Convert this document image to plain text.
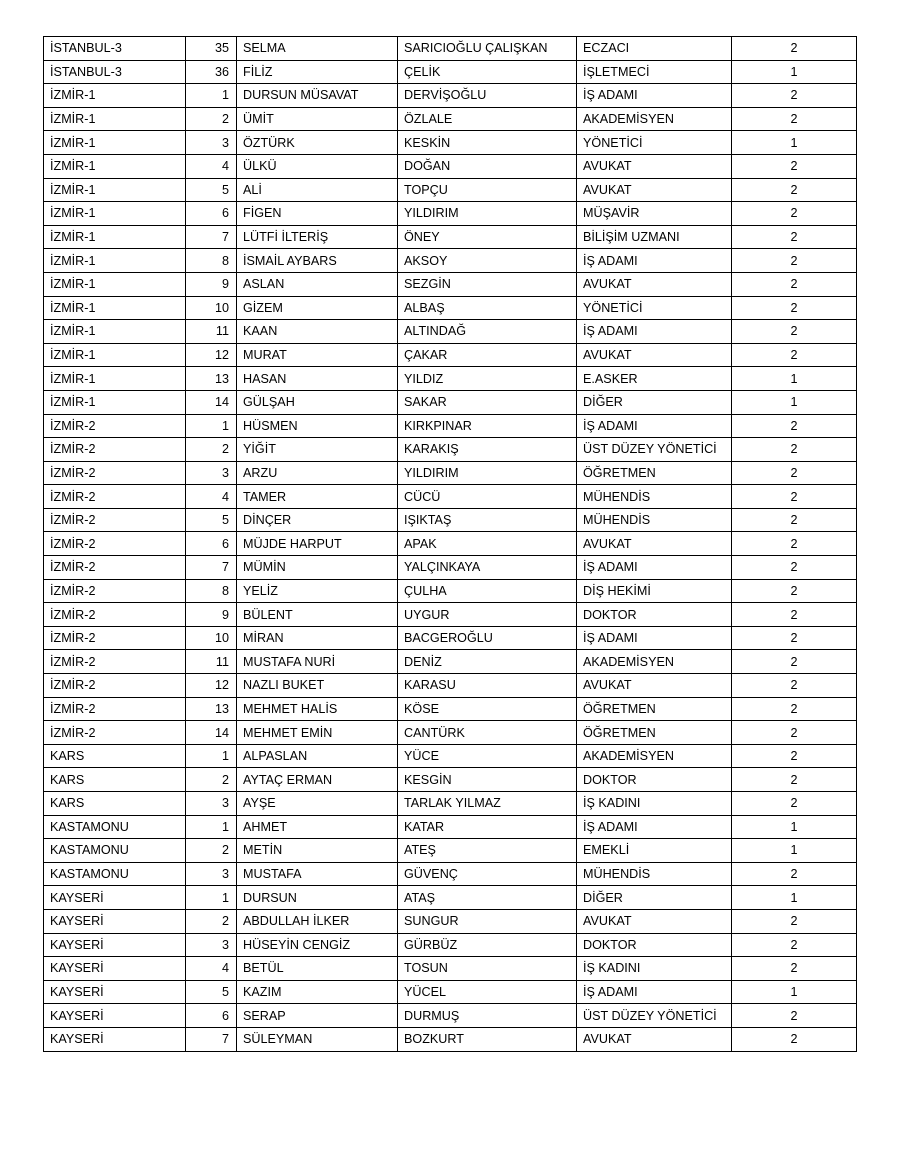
İSTANBUL-3	35	SELMA	SARICIOĞLU ÇALIŞKAN	ECZACI	2
İSTANBUL-3	36	FİLİZ	ÇELİK	İŞLETMECİ	1
İZMİR-1	1	DURSUN MÜSAVAT	DERVİŞOĞLU	İŞ ADAMI	2
İZMİR-1	2	ÜMİT	ÖZLALE	AKADEMİSYEN	2
İZMİR-1	3	ÖZTÜRK	KESKİN	YÖNETİCİ	1
İZMİR-1	4	ÜLKÜ	DOĞAN	AVUKAT	2
İZMİR-1	5	ALİ	TOPÇU	AVUKAT	2
İZMİR-1	6	FİGEN	YILDIRIM	MÜŞAVİR	2
İZMİR-1	7	LÜTFİ İLTERİŞ	ÖNEY	BİLİŞİM UZMANI	2
İZMİR-1	8	İSMAİL AYBARS	AKSOY	İŞ ADAMI	2
İZMİR-1	9	ASLAN	SEZGİN	AVUKAT	2
İZMİR-1	10	GİZEM	ALBAŞ	YÖNETİCİ	2
İZMİR-1	11	KAAN	ALTINDAĞ	İŞ ADAMI	2
İZMİR-1	12	MURAT	ÇAKAR	AVUKAT	2
İZMİR-1	13	HASAN	YILDIZ	E.ASKER	1
İZMİR-1	14	GÜLŞAH	SAKAR	DİĞER	1
İZMİR-2	1	HÜSMEN	KIRKPINAR	İŞ ADAMI	2
İZMİR-2	2	YİĞİT	KARAKIŞ	ÜST DÜZEY YÖNETİCİ	2
İZMİR-2	3	ARZU	YILDIRIM	ÖĞRETMEN	2
İZMİR-2	4	TAMER	CÜCÜ	MÜHENDİS	2
İZMİR-2	5	DİNÇER	IŞIKTAŞ	MÜHENDİS	2
İZMİR-2	6	MÜJDE HARPUT	APAK	AVUKAT	2
İZMİR-2	7	MÜMİN	YALÇINKAYA	İŞ ADAMI	2
İZMİR-2	8	YELİZ	ÇULHA	DİŞ HEKİMİ	2
İZMİR-2	9	BÜLENT	UYGUR	DOKTOR	2
İZMİR-2	10	MİRAN	BACGEROĞLU	İŞ ADAMI	2
İZMİR-2	11	MUSTAFA NURİ	DENİZ	AKADEMİSYEN	2
İZMİR-2	12	NAZLI BUKET	KARASU	AVUKAT	2
İZMİR-2	13	MEHMET HALİS	KÖSE	ÖĞRETMEN	2
İZMİR-2	14	MEHMET EMİN	CANTÜRK	ÖĞRETMEN	2
KARS	1	ALPASLAN	YÜCE	AKADEMİSYEN	2
KARS	2	AYTAÇ ERMAN	KESGİN	DOKTOR	2
KARS	3	AYŞE	TARLAK YILMAZ	İŞ KADINI	2
KASTAMONU	1	AHMET	KATAR	İŞ ADAMI	1
KASTAMONU	2	METİN	ATEŞ	EMEKLİ	1
KASTAMONU	3	MUSTAFA	GÜVENÇ	MÜHENDİS	2
KAYSERİ	1	DURSUN	ATAŞ	DİĞER	1
KAYSERİ	2	ABDULLAH İLKER	SUNGUR	AVUKAT	2
KAYSERİ	3	HÜSEYİN CENGİZ	GÜRBÜZ	DOKTOR	2
KAYSERİ	4	BETÜL	TOSUN	İŞ KADINI	2
KAYSERİ	5	KAZIM	YÜCEL	İŞ ADAMI	1
KAYSERİ	6	SERAP	DURMUŞ	ÜST DÜZEY YÖNETİCİ	2
KAYSERİ	7	SÜLEYMAN	BOZKURT	AVUKAT	2
